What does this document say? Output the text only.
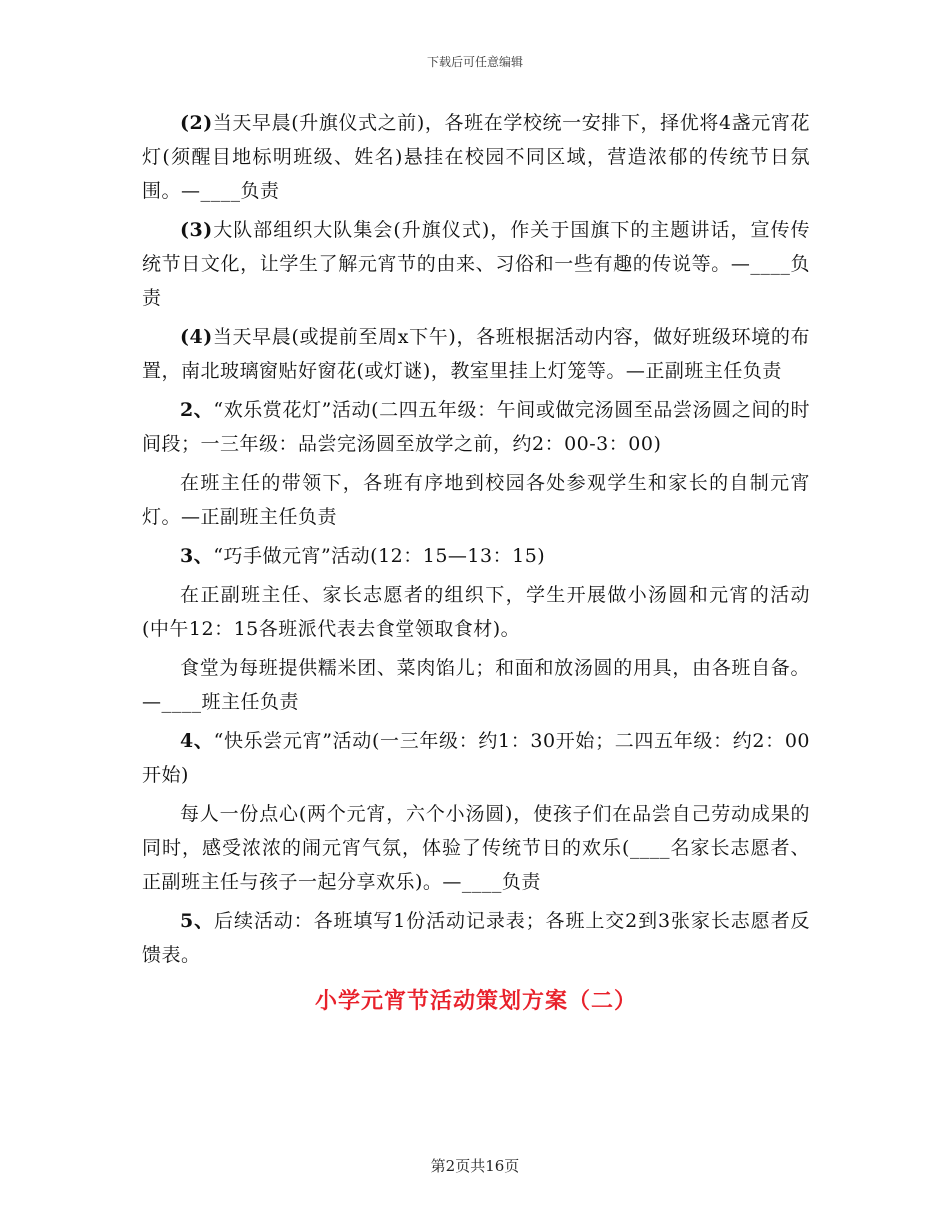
下载后可任意编辑

(2)当天早晨(升旗仪式之前)，各班在学校统一安排下，择优将4盏元宵花灯(须醒目地标明班级、姓名)悬挂在校园不同区域，营造浓郁的传统节日氛围。—____负责

(3)大队部组织大队集会(升旗仪式)，作关于国旗下的主题讲话，宣传传统节日文化，让学生了解元宵节的由来、习俗和一些有趣的传说等。—____负责

(4)当天早晨(或提前至周x下午)，各班根据活动内容，做好班级环境的布置，南北玻璃窗贴好窗花(或灯谜)，教室里挂上灯笼等。—正副班主任负责

2、“欢乐赏花灯”活动(二四五年级：午间或做完汤圆至品尝汤圆之间的时间段；一三年级：品尝完汤圆至放学之前，约2：00-3：00)

在班主任的带领下，各班有序地到校园各处参观学生和家长的自制元宵灯。—正副班主任负责

3、“巧手做元宵”活动(12：15—13：15)

在正副班主任、家长志愿者的组织下，学生开展做小汤圆和元宵的活动(中午12：15各班派代表去食堂领取食材)。

食堂为每班提供糯米团、菜肉馅儿；和面和放汤圆的用具，由各班自备。—____班主任负责

4、“快乐尝元宵”活动(一三年级：约1：30开始；二四五年级：约2：00开始)

每人一份点心(两个元宵，六个小汤圆)，使孩子们在品尝自己劳动成果的同时，感受浓浓的闹元宵气氛，体验了传统节日的欢乐(____名家长志愿者、正副班主任与孩子一起分享欢乐)。—____负责

5、后续活动：各班填写1份活动记录表；各班上交2到3张家长志愿者反馈表。

小学元宵节活动策划方案（二）
第2页共16页
